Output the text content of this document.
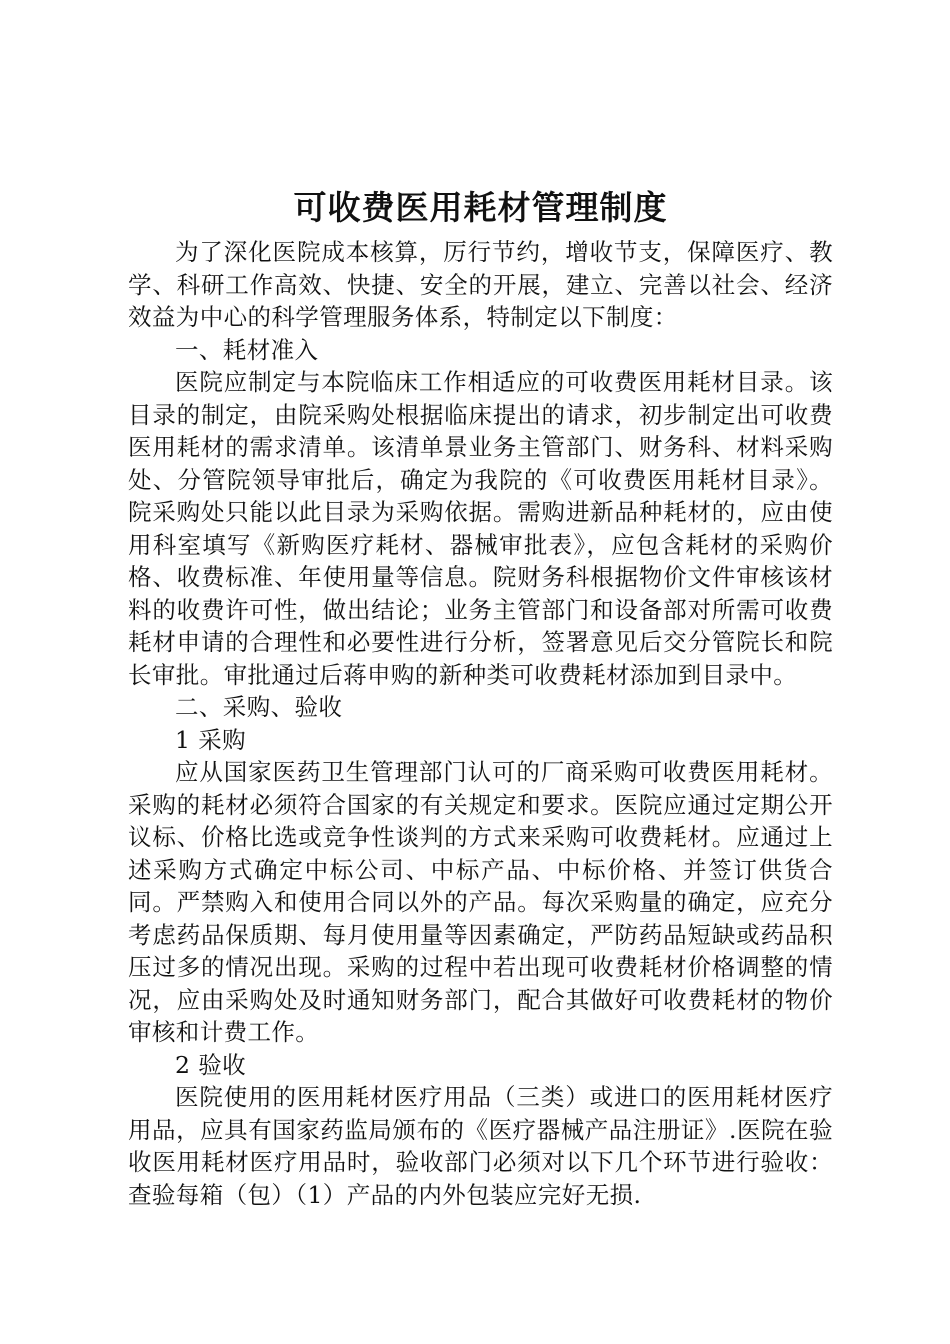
可收费医用耗材管理制度

为了深化医院成本核算，厉行节约，增收节支，保障医疗、教学、科研工作高效、快捷、安全的开展，建立、完善以社会、经济效益为中心的科学管理服务体系，特制定以下制度：

一、耗材准入

医院应制定与本院临床工作相适应的可收费医用耗材目录。该目录的制定，由院采购处根据临床提出的请求，初步制定出可收费医用耗材的需求清单。该清单景业务主管部门、财务科、材料采购处、分管院领导审批后，确定为我院的《可收费医用耗材目录》。院采购处只能以此目录为采购依据。需购进新品种耗材的，应由使用科室填写《新购医疗耗材、器械审批表》，应包含耗材的采购价格、收费标准、年使用量等信息。院财务科根据物价文件审核该材料的收费许可性，做出结论；业务主管部门和设备部对所需可收费耗材申请的合理性和必要性进行分析，签署意见后交分管院长和院长审批。审批通过后蒋申购的新种类可收费耗材添加到目录中。

二、采购、验收

1 采购

应从国家医药卫生管理部门认可的厂商采购可收费医用耗材。采购的耗材必须符合国家的有关规定和要求。医院应通过定期公开议标、价格比选或竞争性谈判的方式来采购可收费耗材。应通过上述采购方式确定中标公司、中标产品、中标价格、并签订供货合同。严禁购入和使用合同以外的产品。每次采购量的确定，应充分考虑药品保质期、每月使用量等因素确定，严防药品短缺或药品积压过多的情况出现。采购的过程中若出现可收费耗材价格调整的情况，应由采购处及时通知财务部门，配合其做好可收费耗材的物价审核和计费工作。

2 验收

医院使用的医用耗材医疗用品（三类）或进口的医用耗材医疗用品，应具有国家药监局颁布的《医疗器械产品注册证》.医院在验收医用耗材医疗用品时，验收部门必须对以下几个环节进行验收：查验每箱（包）（1）产品的内外包装应完好无损.
